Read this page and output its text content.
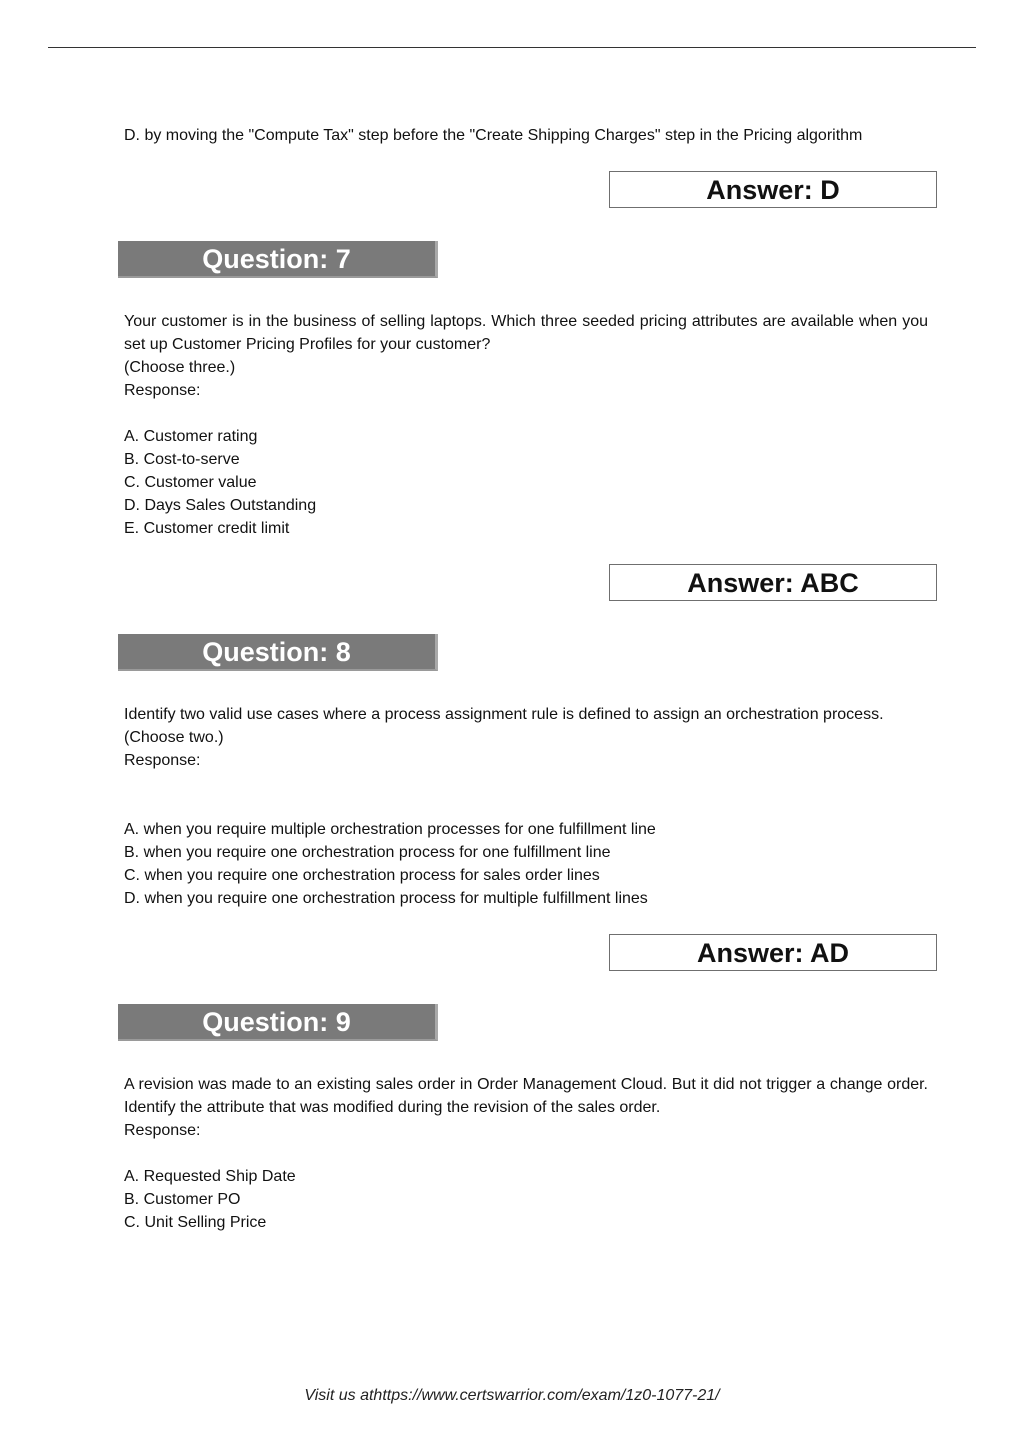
D. by moving the "Compute Tax" step before the "Create Shipping Charges" step in the Pricing algorithm
Answer: D
Question: 7

Your customer is in the business of selling laptops. Which three seeded pricing attributes are available when you set up Customer Pricing Profiles for your customer?

(Choose three.)

Response:

A. Customer rating
B. Cost-to-serve
C. Customer value
D. Days Sales Outstanding
E. Customer credit limit
Answer: ABC
Question: 8

Identify two valid use cases where a process assignment rule is defined to assign an orchestration process.

(Choose two.)

Response:

A. when you require multiple orchestration processes for one fulfillment line
B. when you require one orchestration process for one fulfillment line
C. when you require one orchestration process for sales order lines
D. when you require one orchestration process for multiple fulfillment lines
Answer: AD
Question: 9

A revision was made to an existing sales order in Order Management Cloud. But it did not trigger a change order. Identify the attribute that was modified during the revision of the sales order.

Response:

A. Requested Ship Date
B. Customer PO
C. Unit Selling Price
Visit us athttps://www.certswarrior.com/exam/1z0-1077-21/
